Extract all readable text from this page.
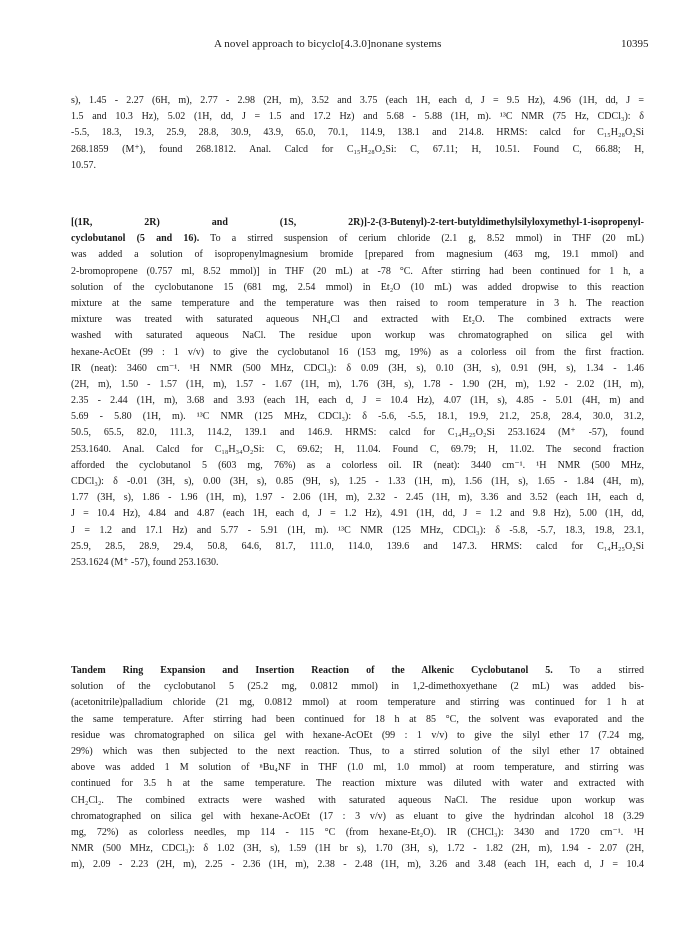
A novel approach to bicyclo[4.3.0]nonane systems	10395
s), 1.45 - 2.27 (6H, m), 2.77 - 2.98 (2H, m), 3.52 and 3.75 (each 1H, each d, J = 9.5 Hz), 4.96 (1H, dd, J =
1.5 and 10.3 Hz), 5.02 (1H, dd, J = 1.5 and 17.2 Hz) and 5.68 - 5.88 (1H, m). ¹³C NMR (75 Hz, CDCl₃): δ
-5.5, 18.3, 19.3, 25.9, 28.8, 30.9, 43.9, 65.0, 70.1, 114.9, 138.1 and 214.8. HRMS: calcd for C₁₅H₂₈O₂Si
268.1859 (M⁺), found 268.1812. Anal. Calcd for C₁₅H₂₈O₂Si: C, 67.11; H, 10.51. Found C, 66.88; H,
10.57.
[(1R, 2R) and (1S, 2R)]-2-(3-Butenyl)-2-tert-butyldimethylsilyloxymethyl-1-isopropenyl-
cyclobutanol (5 and 16). To a stirred suspension of cerium chloride (2.1 g, 8.52 mmol) in THF (20 mL)
was added a solution of isopropenylmagnesium bromide [prepared from magnesium (463 mg, 19.1 mmol) and
2-bromopropene (0.757 ml, 8.52 mmol)] in THF (20 mL) at -78 °C. After stirring had been continued for 1 h, a
solution of the cyclobutanone 15 (681 mg, 2.54 mmol) in Et₂O (10 mL) was added dropwise to this reaction
mixture at the same temperature and the temperature was then raised to room temperature in 3 h. The reaction
mixture was treated with saturated aqueous NH₄Cl and extracted with Et₂O. The combined extracts were
washed with saturated aqueous NaCl. The residue upon workup was chromatographed on silica gel with
hexane-AcOEt (99 : 1 v/v) to give the cyclobutanol 16 (153 mg, 19%) as a colorless oil from the first fraction.
IR (neat): 3460 cm⁻¹. ¹H NMR (500 MHz, CDCl₃): δ 0.09 (3H, s), 0.10 (3H, s), 0.91 (9H, s), 1.34 - 1.46
(2H, m), 1.50 - 1.57 (1H, m), 1.57 - 1.67 (1H, m), 1.76 (3H, s), 1.78 - 1.90 (2H, m), 1.92 - 2.02 (1H, m),
2.35 - 2.44 (1H, m), 3.68 and 3.93 (each 1H, each d, J = 10.4 Hz), 4.07 (1H, s), 4.85 - 5.01 (4H, m) and
5.69 - 5.80 (1H, m). ¹³C NMR (125 MHz, CDCl₃): δ -5.6, -5.5, 18.1, 19.9, 21.2, 25.8, 28.4, 30.0, 31.2,
50.5, 65.5, 82.0, 111.3, 114.2, 139.1 and 146.9. HRMS: calcd for C₁₄H₂₅O₂Si 253.1624 (M⁺ -57), found
253.1640. Anal. Calcd for C₁₈H₃₄O₂Si: C, 69.62; H, 11.04. Found C, 69.79; H, 11.02. The second fraction
afforded the cyclobutanol 5 (603 mg, 76%) as a colorless oil. IR (neat): 3440 cm⁻¹. ¹H NMR (500 MHz,
CDCl₃): δ -0.01 (3H, s), 0.00 (3H, s), 0.85 (9H, s), 1.25 - 1.33 (1H, m), 1.56 (1H, s), 1.65 - 1.84 (4H, m),
1.77 (3H, s), 1.86 - 1.96 (1H, m), 1.97 - 2.06 (1H, m), 2.32 - 2.45 (1H, m), 3.36 and 3.52 (each 1H, each d,
J = 10.4 Hz), 4.84 and 4.87 (each 1H, each d, J = 1.2 Hz), 4.91 (1H, dd, J = 1.2 and 9.8 Hz), 5.00 (1H, dd,
J = 1.2 and 17.1 Hz) and 5.77 - 5.91 (1H, m). ¹³C NMR (125 MHz, CDCl₃): δ -5.8, -5.7, 18.3, 19.8, 23.1,
25.9, 28.5, 28.9, 29.4, 50.8, 64.6, 81.7, 111.0, 114.0, 139.6 and 147.3. HRMS: calcd for C₁₄H₂₅O₂Si
253.1624 (M⁺ -57), found 253.1630.
Tandem Ring Expansion and Insertion Reaction of the Alkenic Cyclobutanol 5. To a stirred
solution of the cyclobutanol 5 (25.2 mg, 0.0812 mmol) in 1,2-dimethoxyethane (2 mL) was added bis-
(acetonitrile)palladium chloride (21 mg, 0.0812 mmol) at room temperature and stirring was continued for 1 h at
the same temperature. After stirring had been continued for 18 h at 85 °C, the solvent was evaporated and the
residue was chromatographed on silica gel with hexane-AcOEt (99 : 1 v/v) to give the silyl ether 17 (7.24 mg,
29%) which was then subjected to the next reaction. Thus, to a stirred solution of the silyl ether 17 obtained
above was added 1 M solution of ⁿBu₄NF in THF (1.0 ml, 1.0 mmol) at room temperature, and stirring was
continued for 3.5 h at the same temperature. The reaction mixture was diluted with water and extracted with
CH₂Cl₂. The combined extracts were washed with saturated aqueous NaCl. The residue upon workup was
chromatographed on silica gel with hexane-AcOEt (17 : 3 v/v) as eluant to give the hydrindan alcohol 18 (3.29
mg, 72%) as colorless needles, mp 114 - 115 °C (from hexane-Et₂O). IR (CHCl₃): 3430 and 1720 cm⁻¹. ¹H
NMR (500 MHz, CDCl₃): δ 1.02 (3H, s), 1.59 (1H br s), 1.70 (3H, s), 1.72 - 1.82 (2H, m), 1.94 - 2.07 (2H,
m), 2.09 - 2.23 (2H, m), 2.25 - 2.36 (1H, m), 2.38 - 2.48 (1H, m), 3.26 and 3.48 (each 1H, each d, J = 10.4
